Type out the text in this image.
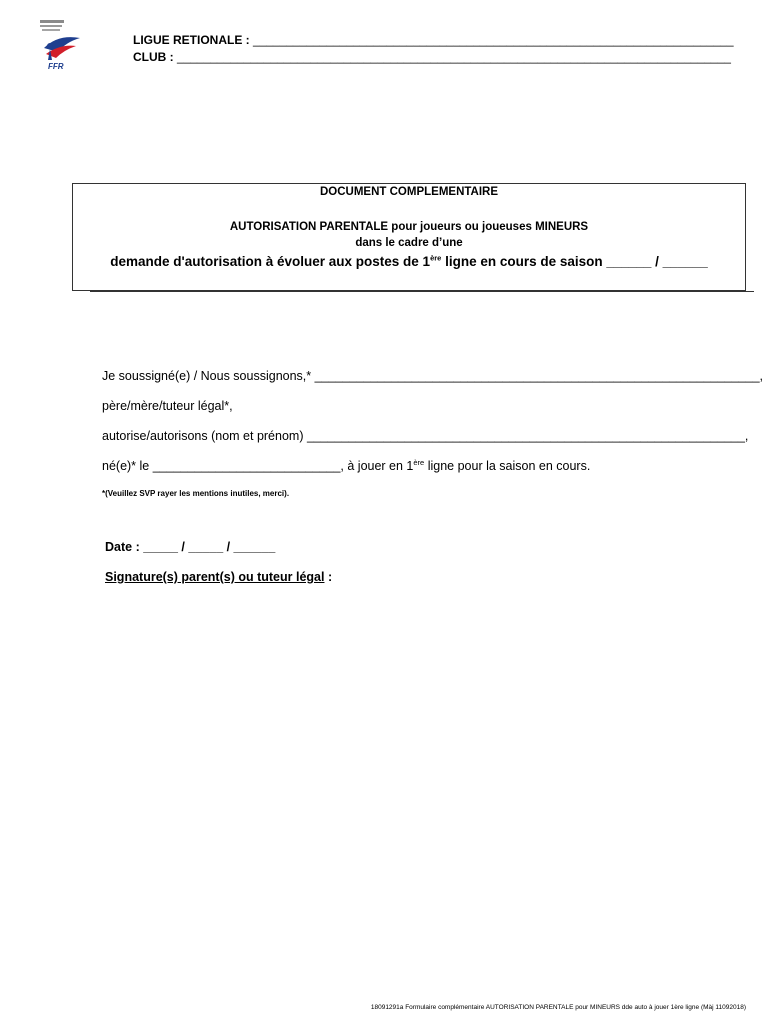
FFR
LIGUE RETIONALE : ________________________________________________________________________
CLUB : ___________________________________________________________________________________
DOCUMENT COMPLEMENTAIRE
AUTORISATION PARENTALE pour joueurs ou joueuses MINEURS
dans le cadre d’une
demande d'autorisation à évoluer aux postes de 1ère ligne en cours de saison ______ / ______
Je soussigné(e) / Nous soussignons,* ________________________________________________________________,
père/mère/tuteur légal*,
autorise/autorisons (nom et prénom) _______________________________________________________________,
né(e)* le ___________________________, à jouer en 1ère ligne pour la saison en cours.
*(Veuillez SVP rayer les mentions inutiles, merci).
Date : _____ / _____ / ______
Signature(s) parent(s) ou tuteur légal :
18091291a Formulaire complémentaire AUTORISATION PARENTALE pour MINEURS dde auto à jouer 1ère ligne (Màj 11092018)
